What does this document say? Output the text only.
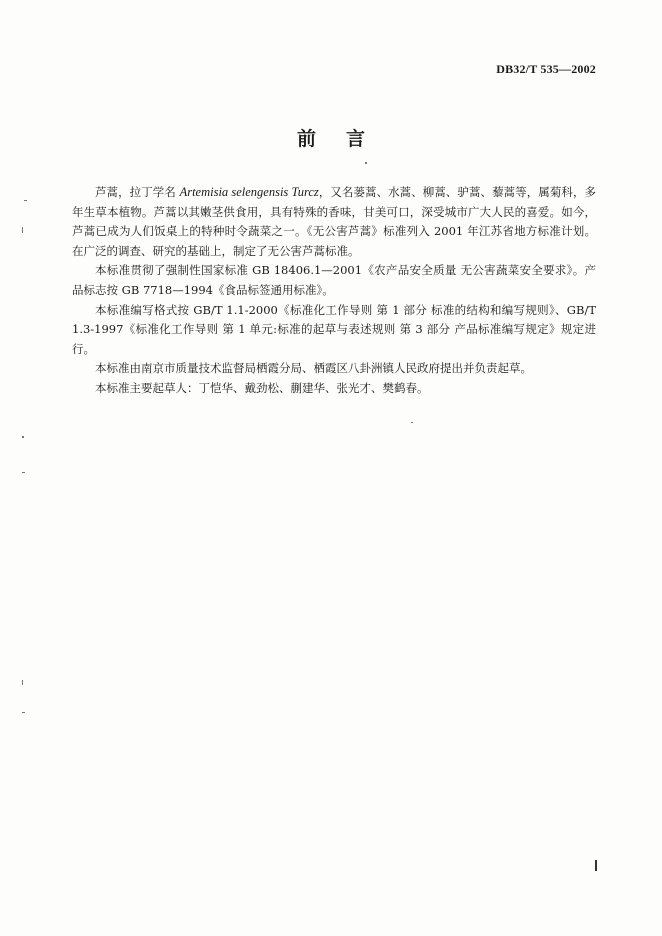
DB32/T 535—2002
前言

芦蒿，拉丁学名 Artemisia selengensis Turcz，又名蒌蒿、水蒿、柳蒿、驴蒿、藜蒿等，属菊科，多年生草本植物。芦蒿以其嫩茎供食用，具有特殊的香味，甘美可口，深受城市广大人民的喜爱。如今，芦蒿已成为人们饭桌上的特种时令蔬菜之一。《无公害芦蒿》标准列入 2001 年江苏省地方标准计划。在广泛的调查、研究的基础上，制定了无公害芦蒿标准。

本标准贯彻了强制性国家标准 GB 18406.1—2001《农产品安全质量 无公害蔬菜安全要求》。产品标志按 GB 7718—1994《食品标签通用标准》。

本标准编写格式按 GB/T 1.1-2000《标准化工作导则 第 1 部分 标准的结构和编写规则》、GB/T 1.3-1997《标准化工作导则 第 1 单元:标准的起草与表述规则 第 3 部分 产品标准编写规定》规定进行。

本标准由南京市质量技术监督局栖霞分局、栖霞区八卦洲镇人民政府提出并负责起草。

本标准主要起草人：丁恺华、戴劲松、蒯建华、张光才、樊鹤春。
